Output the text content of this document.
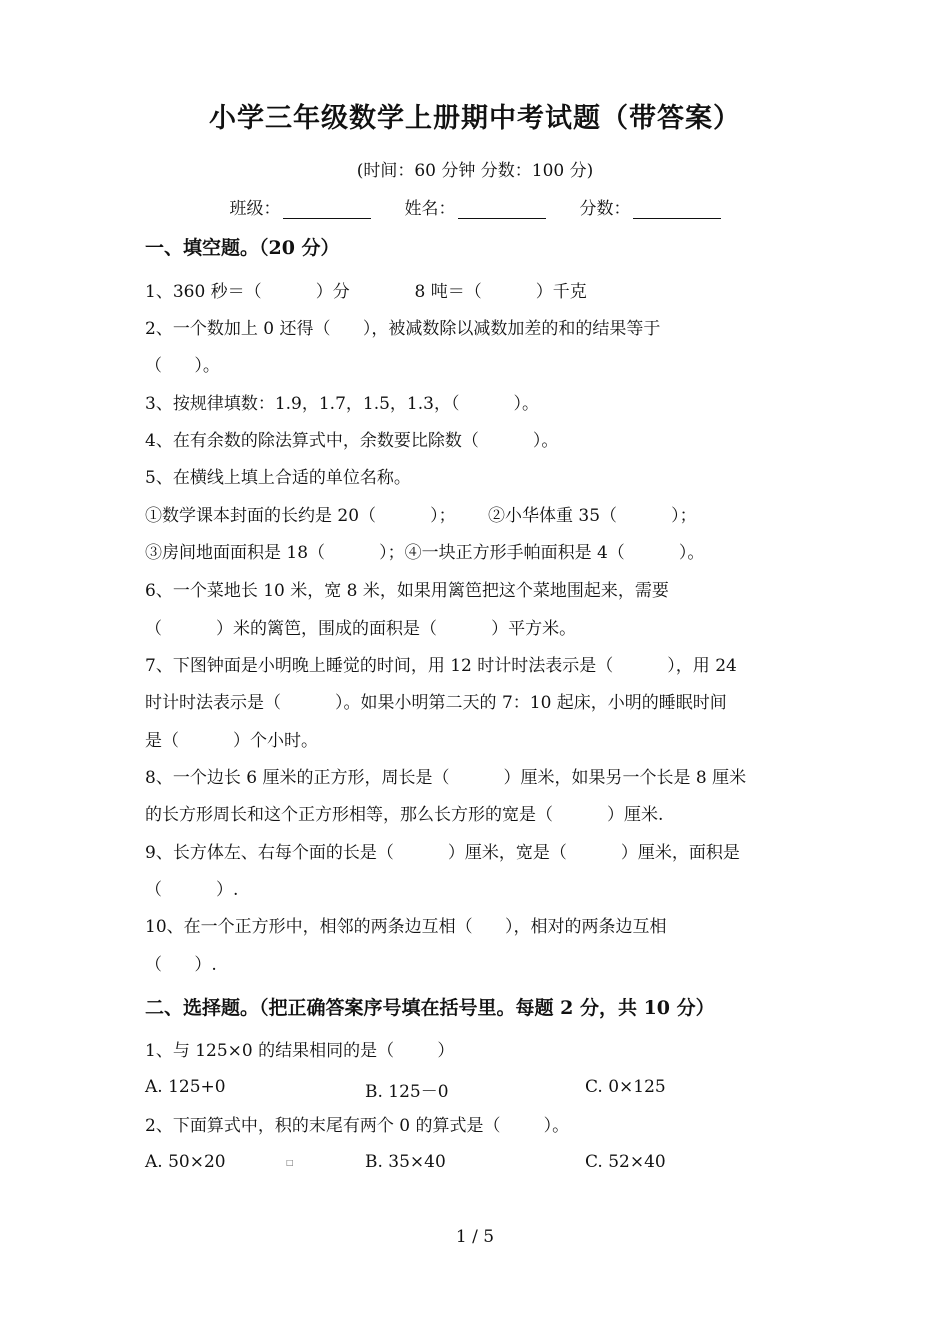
小学三年级数学上册期中考试题（带答案）
(时间：60 分钟 分数：100 分)
班级：	姓名：	分数：
一、填空题。（20 分）
1、360 秒＝（          ）分            8 吨＝（          ）千克
2、一个数加上 0 还得（      ），被减数除以减数加差的和的结果等于
（      ）。
3、按规律填数：1.9，1.7，1.5，1.3，（          ）。
4、在有余数的除法算式中，余数要比除数（          ）。
5、在横线上填上合适的单位名称。
①数学课本封面的长约是 20（          ）；      ②小华体重 35（          ）；
③房间地面面积是 18（          ）；④一块正方形手帕面积是 4（          ）。
6、一个菜地长 10 米，宽 8 米，如果用篱笆把这个菜地围起来，需要
（          ）米的篱笆，围成的面积是（          ）平方米。
7、下图钟面是小明晚上睡觉的时间，用 12 时计时法表示是（          ），用 24
时计时法表示是（          ）。如果小明第二天的 7：10 起床，小明的睡眠时间
是（          ）个小时。
8、一个边长 6 厘米的正方形，周长是（          ）厘米，如果另一个长是 8 厘米
的长方形周长和这个正方形相等，那么长方形的宽是（          ）厘米.
9、长方体左、右每个面的长是（          ）厘米，宽是（          ）厘米，面积是
（          ）.
10、在一个正方形中，相邻的两条边互相（      ），相对的两条边互相
（      ）.
二、选择题。（把正确答案序号填在括号里。每题 2 分，共 10 分）
1、与 125×0 的结果相同的是（        ）
A. 125+0	B. 125－0	C. 0×125
2、下面算式中，积的末尾有两个 0 的算式是（        ）。
A. 50×20	□	B. 35×40	C. 52×40
1 / 5
